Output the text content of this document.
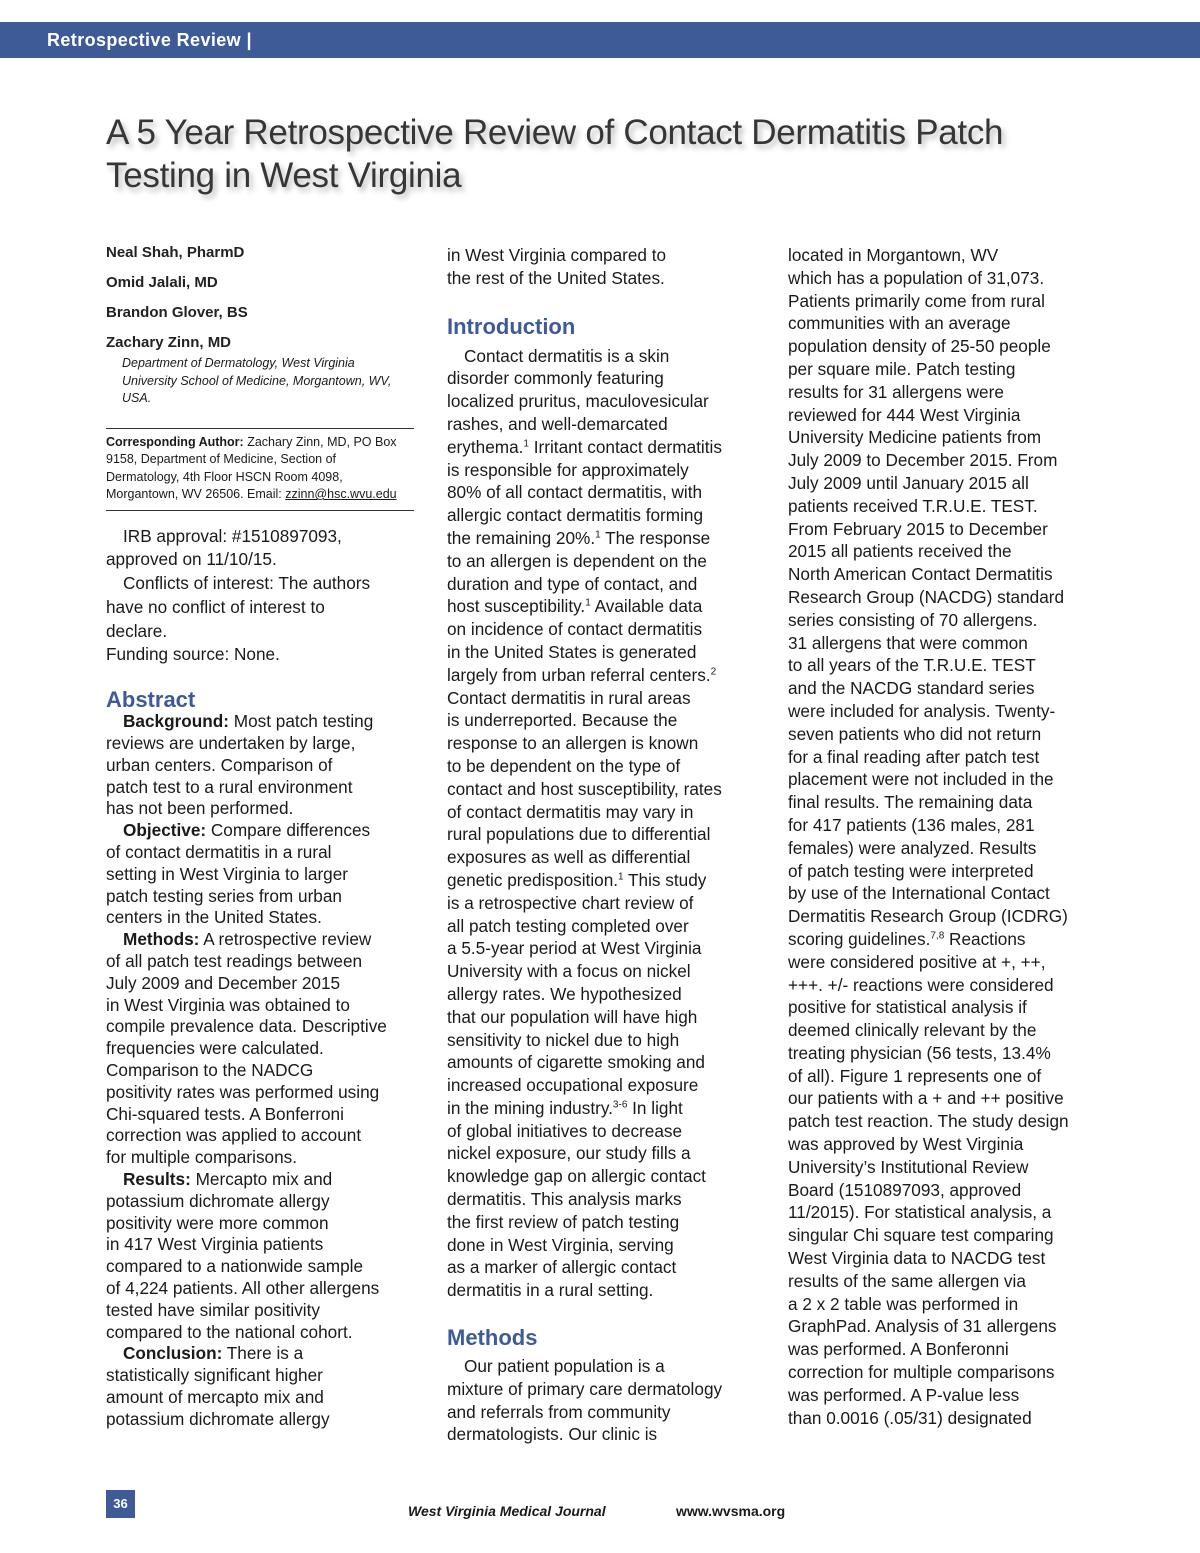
Retrospective Review |
A 5 Year Retrospective Review of Contact Dermatitis Patch
Testing in West Virginia

Neal Shah, PharmD

Omid Jalali, MD

Brandon Glover, BS

Zachary Zinn, MD

Department of Dermatology, West Virginia
University School of Medicine, Morgantown, WV,
USA.

Corresponding Author: Zachary Zinn, MD, PO Box
9158, Department of Medicine, Section of
Dermatology, 4th Floor HSCN Room 4098,
Morgantown, WV 26506. Email: zzinn@hsc.wvu.edu

IRB approval: #1510897093,
approved on 11/10/15.

Conflicts of interest: The authors
have no conflict of interest to
declare.

Funding source: None.

Abstract

Background: Most patch testing
reviews are undertaken by large,
urban centers. Comparison of
patch test to a rural environment
has not been performed.

Objective: Compare differences
of contact dermatitis in a rural
setting in West Virginia to larger
patch testing series from urban
centers in the United States.

Methods: A retrospective review
of all patch test readings between
July 2009 and December 2015
in West Virginia was obtained to
compile prevalence data. Descriptive
frequencies were calculated.
Comparison to the NADCG
positivity rates was performed using
Chi-squared tests. A Bonferroni
correction was applied to account
for multiple comparisons.

Results: Mercapto mix and
potassium dichromate allergy
positivity were more common
in 417 West Virginia patients
compared to a nationwide sample
of 4,224 patients. All other allergens
tested have similar positivity
compared to the national cohort.

Conclusion: There is a
statistically significant higher
amount of mercapto mix and
potassium dichromate allergy

in West Virginia compared to
the rest of the United States.

Introduction

Contact dermatitis is a skin
disorder commonly featuring
localized pruritus, maculovesicular
rashes, and well-demarcated
erythema.$^1$ Irritant contact dermatitis
is responsible for approximately
80% of all contact dermatitis, with
allergic contact dermatitis forming
the remaining 20%.$^1$ The response
to an allergen is dependent on the
duration and type of contact, and
host susceptibility.$^1$ Available data
on incidence of contact dermatitis
in the United States is generated
largely from urban referral centers.$^2$
Contact dermatitis in rural areas
is underreported. Because the
response to an allergen is known
to be dependent on the type of
contact and host susceptibility, rates
of contact dermatitis may vary in
rural populations due to differential
exposures as well as differential
genetic predisposition.$^1$ This study
is a retrospective chart review of
all patch testing completed over
a 5.5-year period at West Virginia
University with a focus on nickel
allergy rates. We hypothesized
that our population will have high
sensitivity to nickel due to high
amounts of cigarette smoking and
increased occupational exposure
in the mining industry.$^{3-6}$ In light
of global initiatives to decrease
nickel exposure, our study fills a
knowledge gap on allergic contact
dermatitis. This analysis marks
the first review of patch testing
done in West Virginia, serving
as a marker of allergic contact
dermatitis in a rural setting.

Methods

Our patient population is a
mixture of primary care dermatology
and referrals from community
dermatologists. Our clinic is

located in Morgantown, WV
which has a population of 31,073.
Patients primarily come from rural
communities with an average
population density of 25-50 people
per square mile. Patch testing
results for 31 allergens were
reviewed for 444 West Virginia
University Medicine patients from
July 2009 to December 2015. From
July 2009 until January 2015 all
patients received T.R.U.E. TEST.
From February 2015 to December
2015 all patients received the
North American Contact Dermatitis
Research Group (NACDG) standard
series consisting of 70 allergens.
31 allergens that were common
to all years of the T.R.U.E. TEST
and the NACDG standard series
were included for analysis. Twenty-
seven patients who did not return
for a final reading after patch test
placement were not included in the
final results. The remaining data
for 417 patients (136 males, 281
females) were analyzed. Results
of patch testing were interpreted
by use of the International Contact
Dermatitis Research Group (ICDRG)
scoring guidelines.$^{7,8}$ Reactions
were considered positive at +, ++,
+++. +/- reactions were considered
positive for statistical analysis if
deemed clinically relevant by the
treating physician (56 tests, 13.4%
of all). Figure 1 represents one of
our patients with a + and ++ positive
patch test reaction. The study design
was approved by West Virginia
University’s Institutional Review
Board (1510897093, approved
11/2015). For statistical analysis, a
singular Chi square test comparing
West Virginia data to NACDG test
results of the same allergen via
a 2 x 2 table was performed in
GraphPad. Analysis of 31 allergens
was performed. A Bonferonni
correction for multiple comparisons
was performed. A P-value less
than 0.0016 (.05/31) designated

36	West Virginia Medical Journal	www.wvsma.org
